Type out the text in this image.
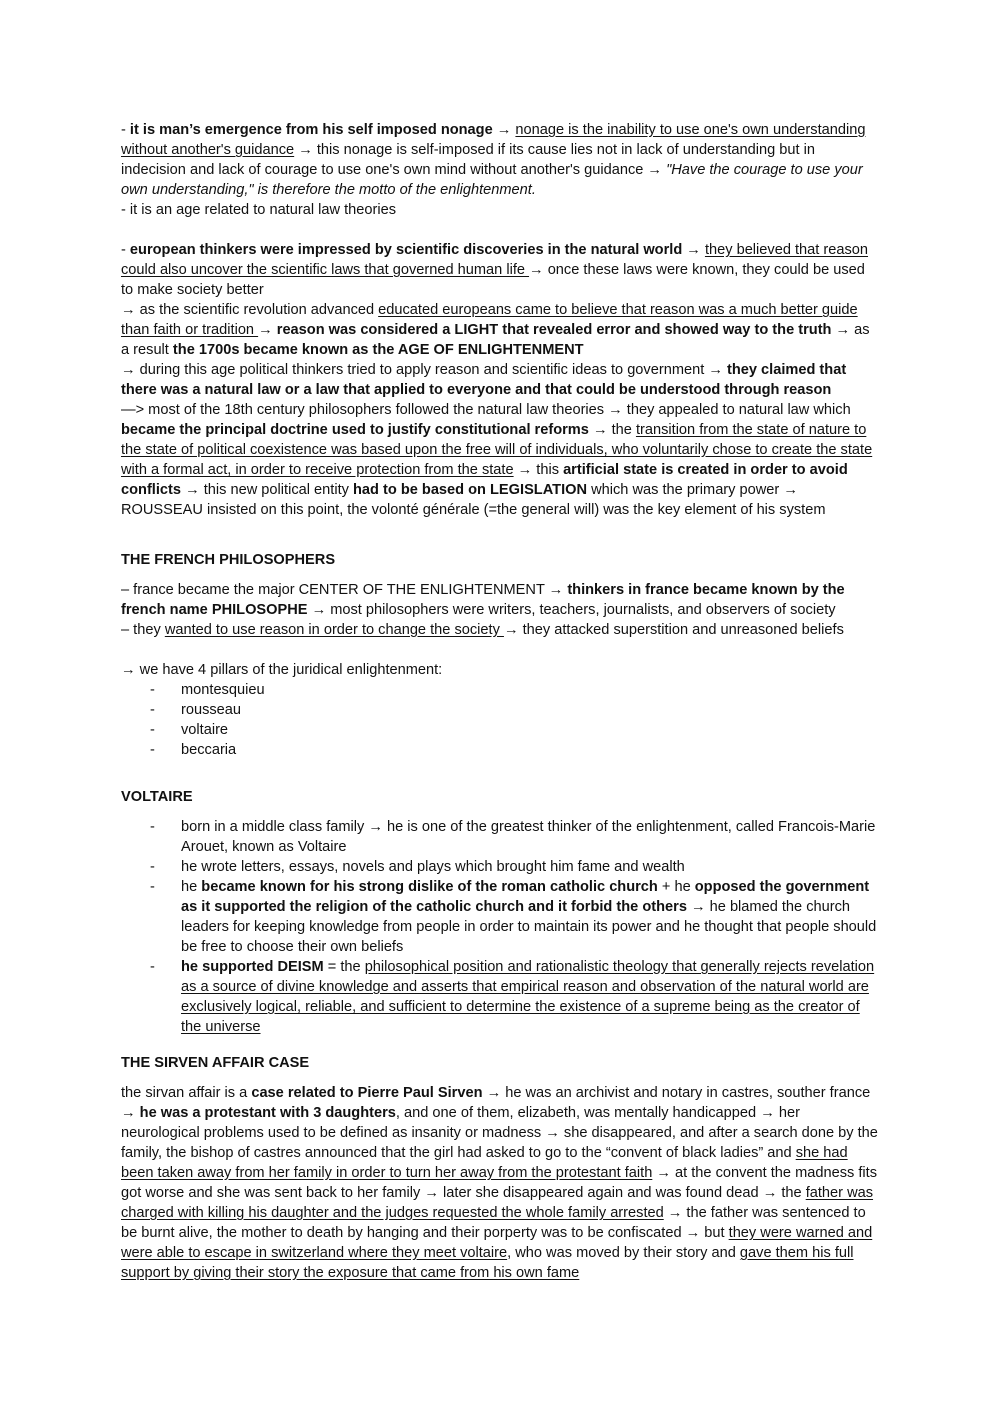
- it is man’s emergence from his self imposed nonage → nonage is the inability to use one's own understanding without another's guidance → this nonage is self-imposed if its cause lies not in lack of understanding but in indecision and lack of courage to use one's own mind without another's guidance → "Have the courage to use your own understanding," is therefore the motto of the enlightenment.

- it is an age related to natural law theories

- european thinkers were impressed by scientific discoveries in the natural world → they believed that reason could also uncover the scientific laws that governed human life → once these laws were known, they could be used to make society better

→ as the scientific revolution advanced educated europeans came to believe that reason was a much better guide than faith or tradition → reason was considered a LIGHT that revealed error and showed way to the truth → as a result the 1700s became known as the AGE OF ENLIGHTENMENT

→ during this age political thinkers tried to apply reason and scientific ideas to government → they claimed that there was a natural law or a law that applied to everyone and that could be understood through reason

—> most of the 18th century philosophers followed the natural law theories → they appealed to natural law which became the principal doctrine used to justify constitutional reforms → the transition from the state of nature to the state of political coexistence was based upon the free will of individuals, who voluntarily chose to create the state with a formal act, in order to receive protection from the state → this artificial state is created in order to avoid conflicts → this new political entity had to be based on LEGISLATION which was the primary power → ROUSSEAU insisted on this point, the volonté générale (=the general will) was the key element of his system

THE FRENCH PHILOSOPHERS

– france became the major CENTER OF THE ENLIGHTENMENT → thinkers in france became known by the french name PHILOSOPHE → most philosophers were writers, teachers, journalists, and observers of society

– they wanted to use reason in order to change the society → they attacked superstition and unreasoned beliefs

→ we have 4 pillars of the juridical enlightenment:

- montesquieu
- rousseau
- voltaire
- beccaria

VOLTAIRE

- born in a middle class family → he is one of the greatest thinker of the enlightenment, called Francois-Marie Arouet, known as Voltaire
- he wrote letters, essays, novels and plays which brought him fame and wealth
- he became known for his strong dislike of the roman catholic church + he opposed the government as it supported the religion of the catholic church and it forbid the others → he blamed the church leaders for keeping knowledge from people in order to maintain its power and he thought that people should be free to choose their own beliefs
- he supported DEISM = the philosophical position and rationalistic theology that generally rejects revelation as a source of divine knowledge and asserts that empirical reason and observation of the natural world are exclusively logical, reliable, and sufficient to determine the existence of a supreme being as the creator of the universe

THE SIRVEN AFFAIR CASE

the sirvan affair is a case related to Pierre Paul Sirven → he was an archivist and notary in castres, souther france → he was a protestant with 3 daughters, and one of them, elizabeth, was mentally handicapped → her neurological problems used to be defined as insanity or madness → she disappeared, and after a search done by the family, the bishop of castres announced that the girl had asked to go to the “convent of black ladies” and she had been taken away from her family in order to turn her away from the protestant faith → at the convent the madness fits got worse and she was sent back to her family → later she disappeared again and was found dead → the father was charged with killing his daughter and the judges requested the whole family arrested → the father was sentenced to be burnt alive, the mother to death by hanging and their porperty was to be confiscated → but they were warned and were able to escape in switzerland where they meet voltaire, who was moved by their story and gave them his full support by giving their story the exposure that came from his own fame
